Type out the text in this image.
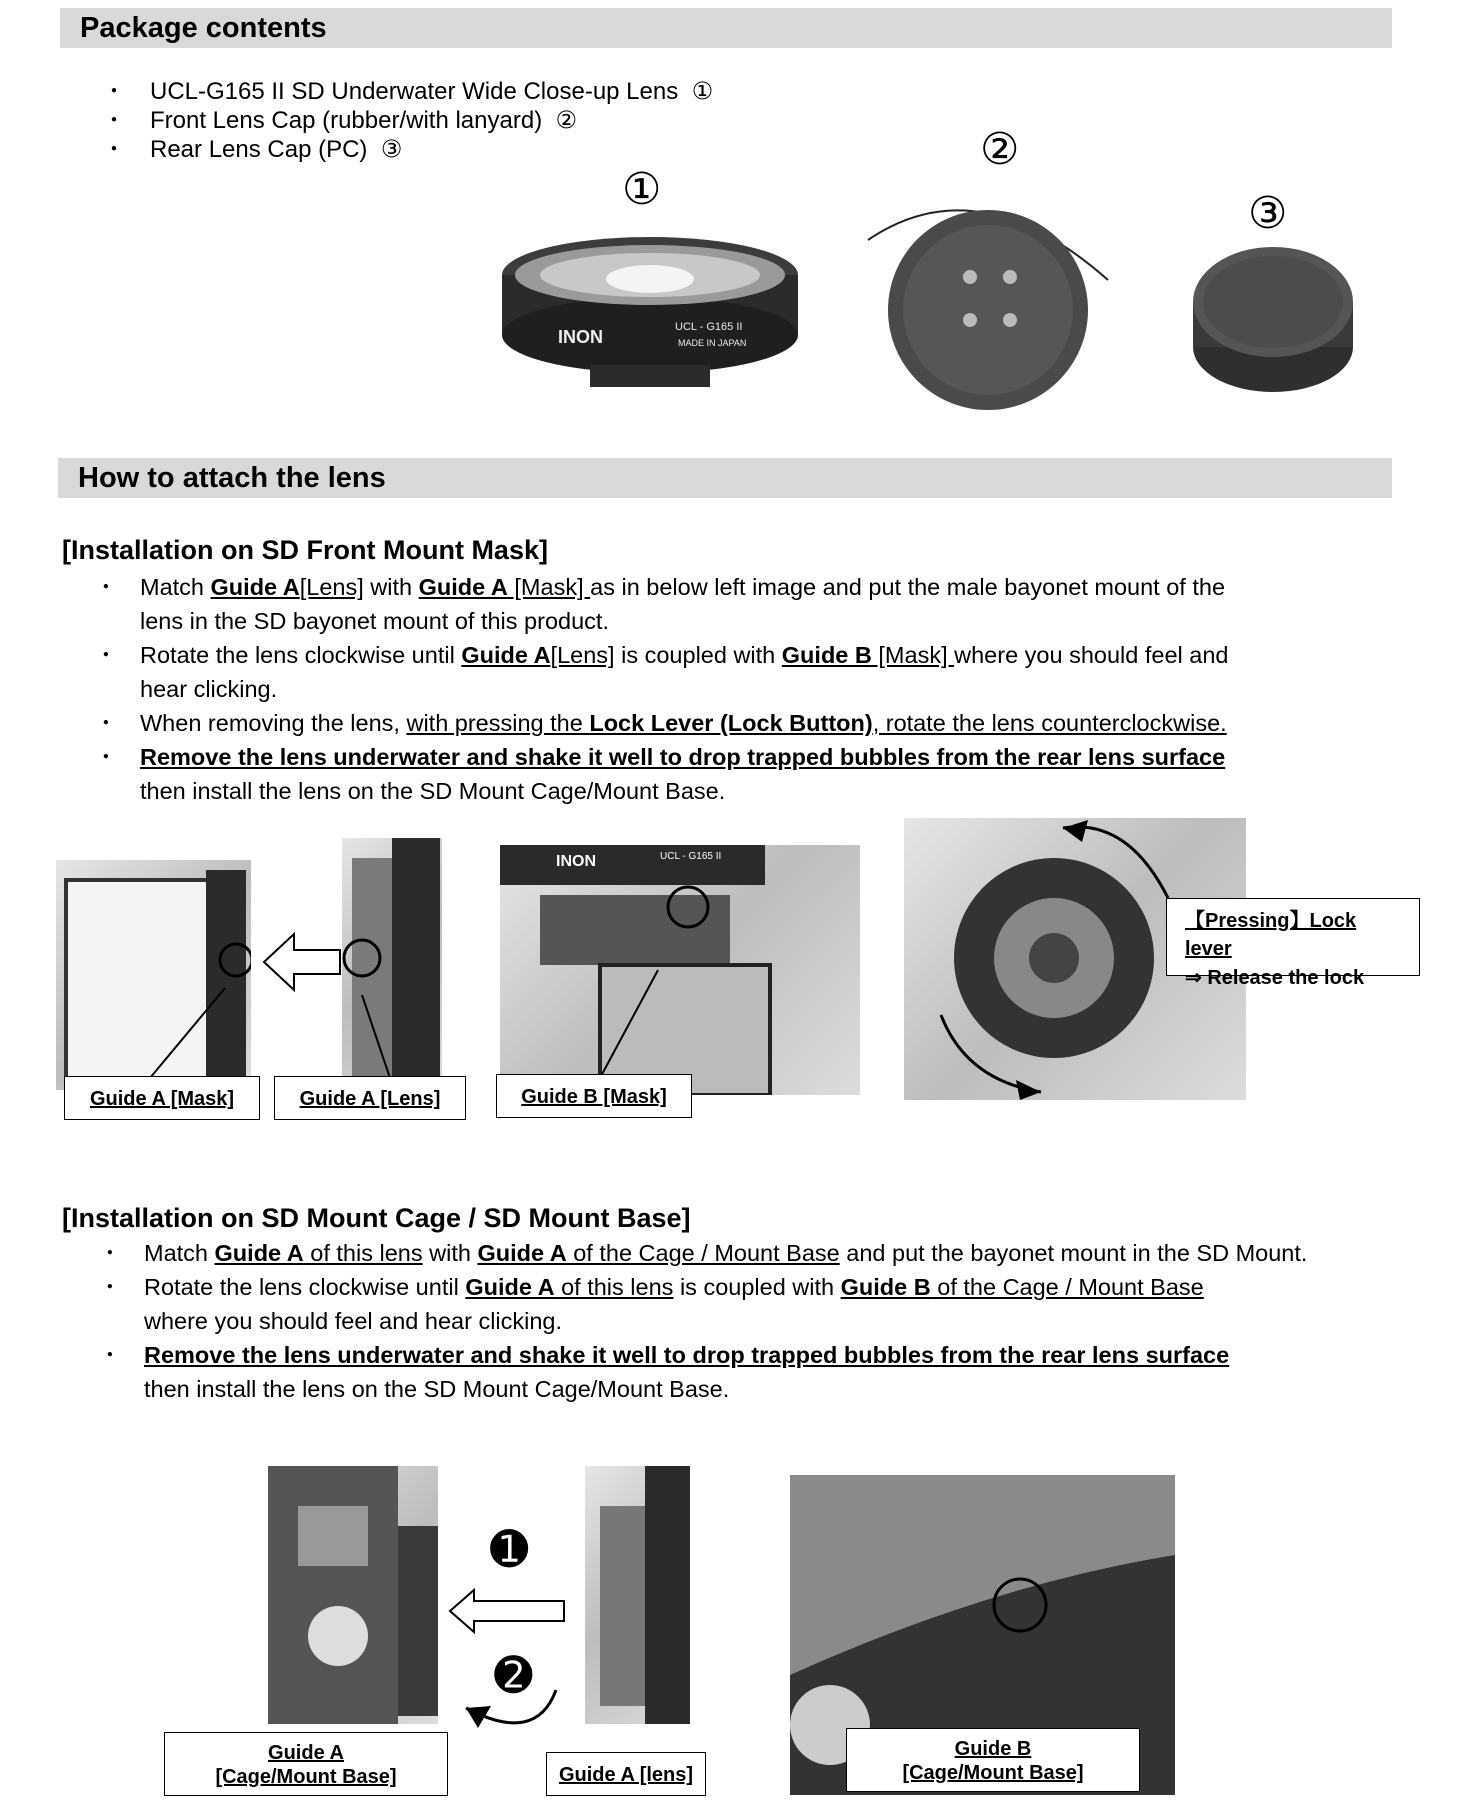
Package contents
･	UCL-G165 II SD Underwater Wide Close-up Lens
①
･	Front Lens Cap (rubber/with lanyard)
②
･	Rear Lens Cap (PC)
③
①
②
③
INON	UCL - G165 II
MADE IN JAPAN
How to attach the lens
[Installation on SD Front Mount Mask]
･ Match Guide A[Lens] with Guide A [Mask] as in below left image and put the male bayonet mount of the
lens in the SD bayonet mount of this product.
･ Rotate the lens clockwise until Guide A[Lens] is coupled with Guide B [Mask] where you should feel and
hear clicking.
･ When removing the lens, with pressing the Lock Lever (Lock Button), rotate the lens counterclockwise.
･ Remove the lens underwater and shake it well to drop trapped bubbles from the rear lens surface
then install the lens on the SD Mount Cage/Mount Base.
INON	UCL - G165 II
Guide A [Mask]	Guide A [Lens]	Guide B [Mask]
【Pressing】Lock lever
⇒ Release the lock
[Installation on SD Mount Cage / SD Mount Base]
･ Match Guide A of this lens with Guide A of the Cage / Mount Base and put the bayonet mount in the SD Mount.
･ Rotate the lens clockwise until Guide A of this lens is coupled with Guide B of the Cage / Mount Base
where you should feel and hear clicking.
･ Remove the lens underwater and shake it well to drop trapped bubbles from the rear lens surface
then install the lens on the SD Mount Cage/Mount Base.
➊
➋
Guide A
[Cage/Mount Base]	Guide A [lens]
Guide B
[Cage/Mount Base]
